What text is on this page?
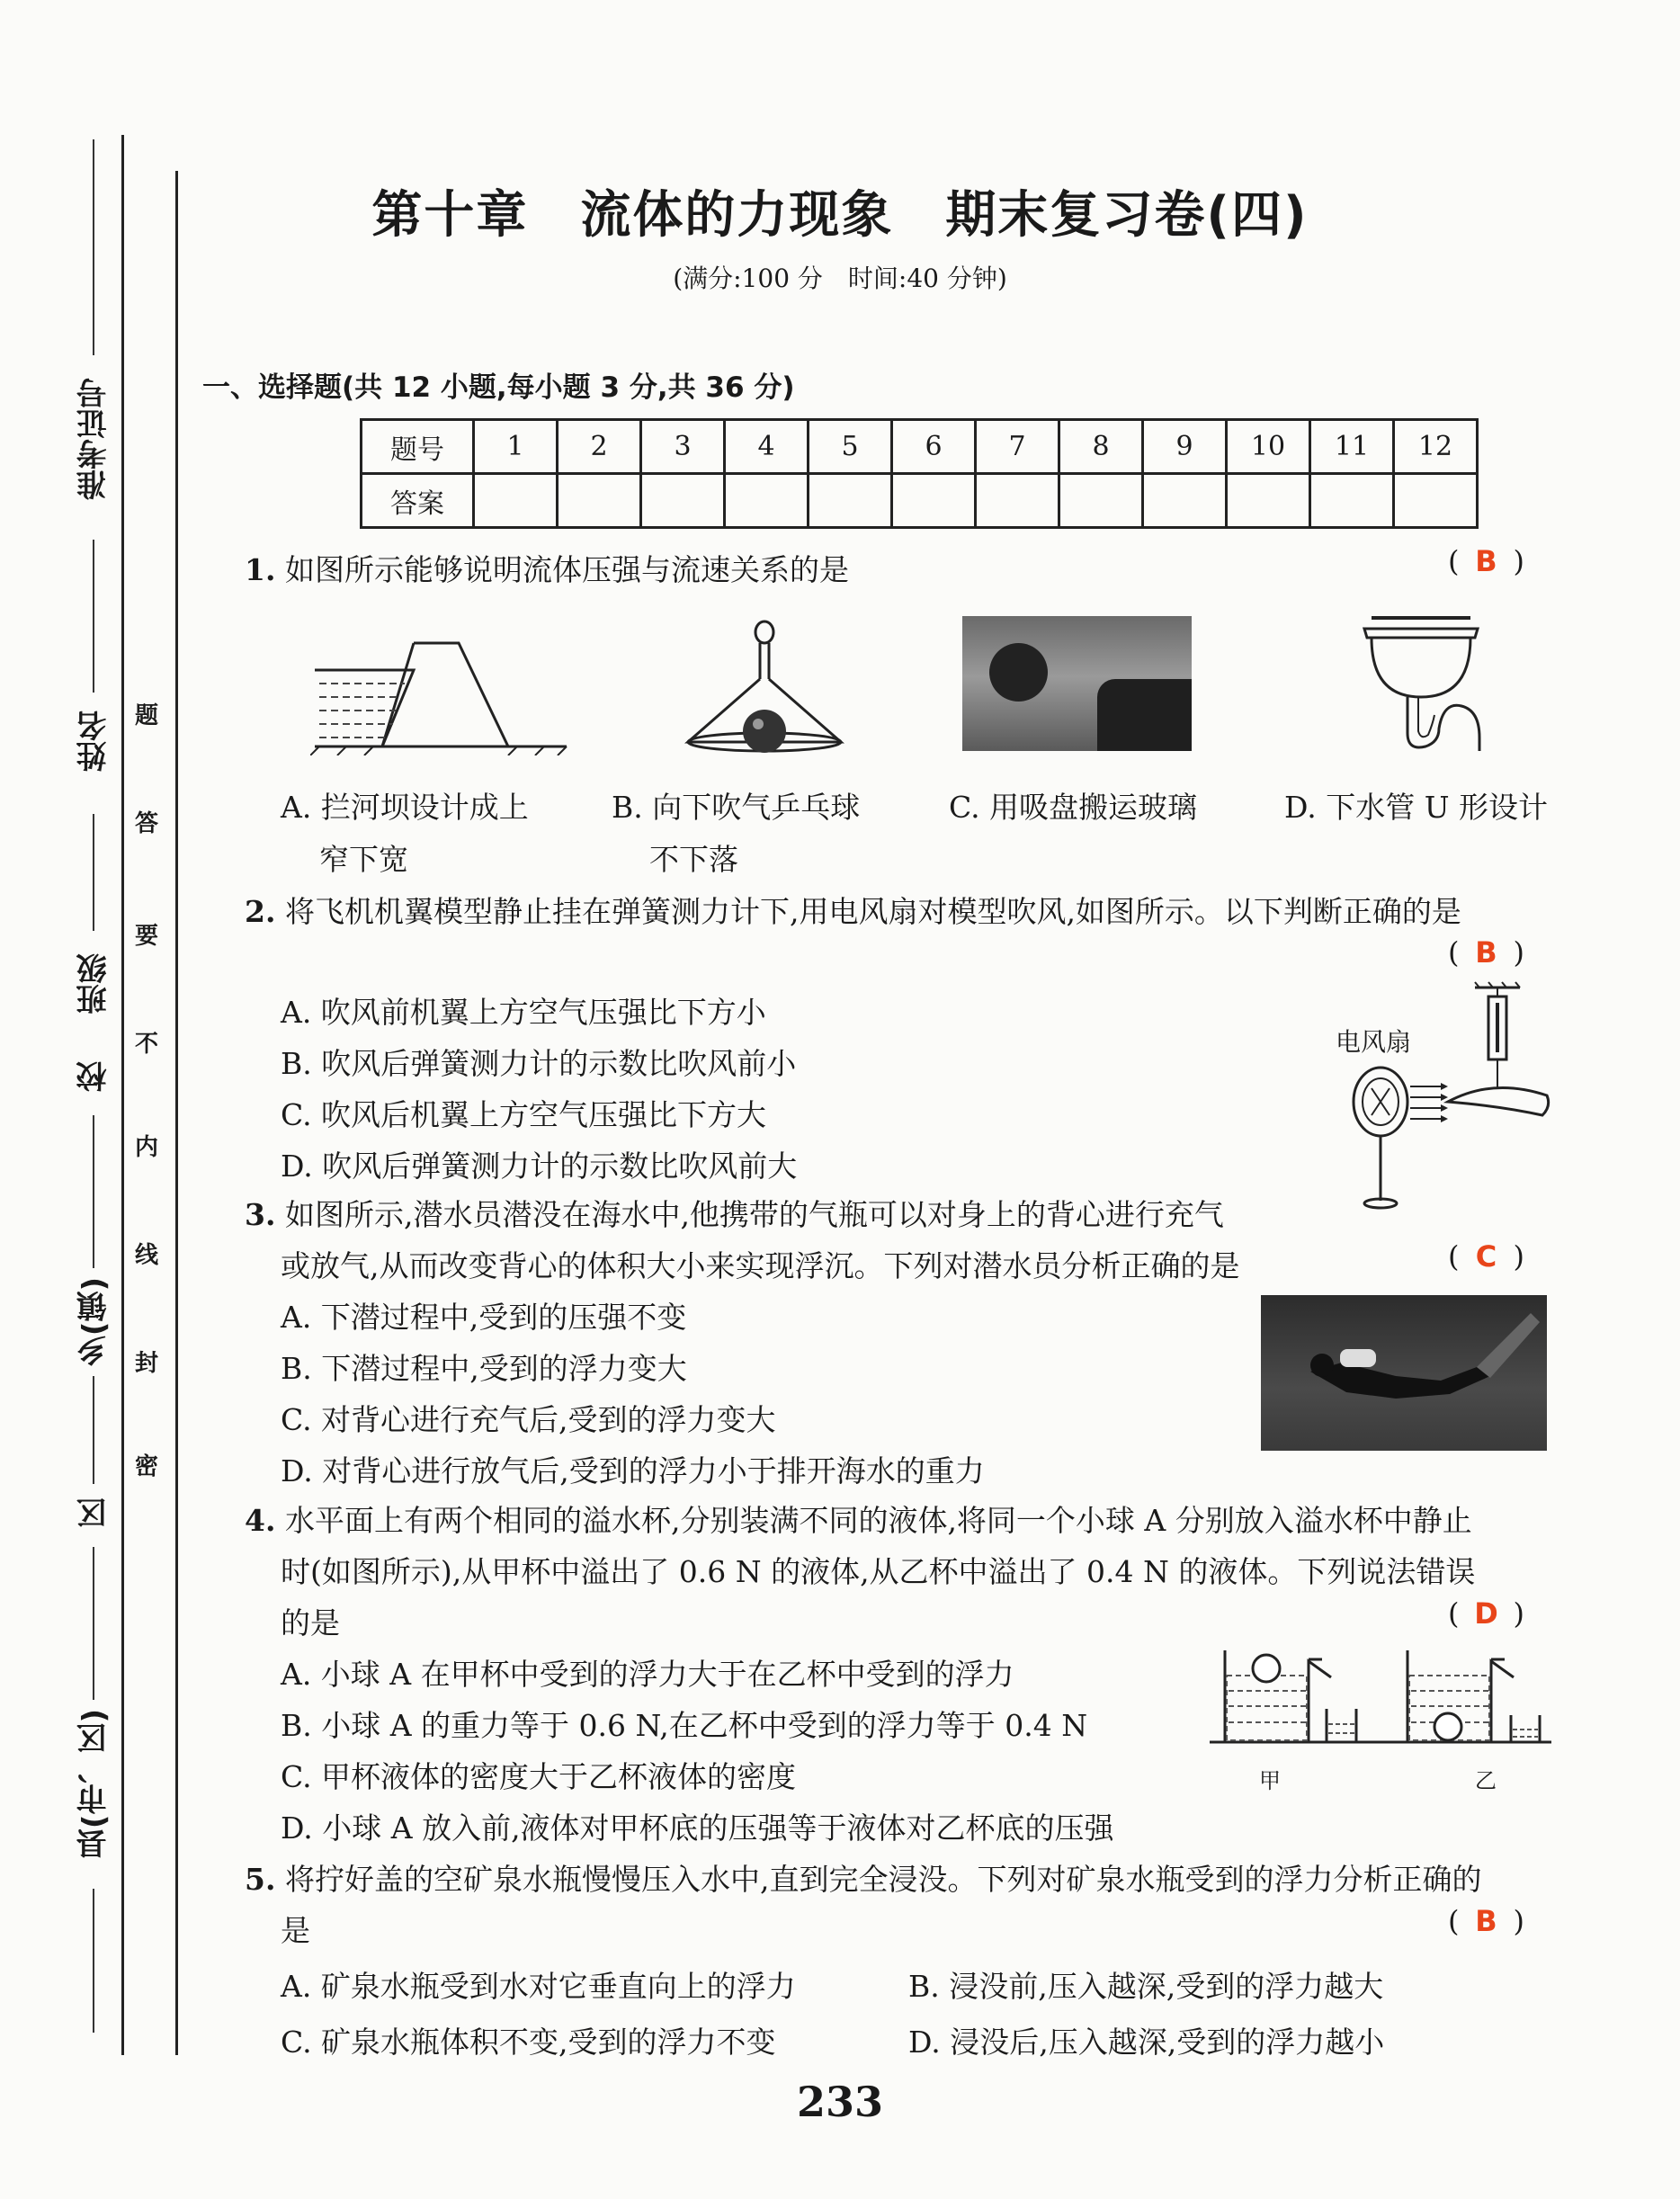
准考证号
姓名
班级
校
乡(镇)
区
县(市、区)
题
答
要
不
内
线
封
密
第十章　流体的力现象　期末复习卷(四)
(满分:100 分　时间:40 分钟)
一、选择题(共 12 小题,每小题 3 分,共 36 分)
题号	1	2	3	4	5	6	7	8	9	10	11	12
答案												
1. 如图所示能够说明流体压强与流速关系的是	( B )
A. 拦河坝设计成上
窄下宽
B. 向下吹气乒乓球
不下落
C. 用吸盘搬运玻璃	D. 下水管 U 形设计
2. 将飞机机翼模型静止挂在弹簧测力计下,用电风扇对模型吹风,如图所示。以下判断正确的是
( B )
A. 吹风前机翼上方空气压强比下方小
B. 吹风后弹簧测力计的示数比吹风前小
C. 吹风后机翼上方空气压强比下方大
D. 吹风后弹簧测力计的示数比吹风前大
电风扇
3. 如图所示,潜水员潜没在海水中,他携带的气瓶可以对身上的背心进行充气
或放气,从而改变背心的体积大小来实现浮沉。下列对潜水员分析正确的是	( C )
A. 下潜过程中,受到的压强不变
B. 下潜过程中,受到的浮力变大
C. 对背心进行充气后,受到的浮力变大
D. 对背心进行放气后,受到的浮力小于排开海水的重力
4. 水平面上有两个相同的溢水杯,分别装满不同的液体,将同一个小球 A 分别放入溢水杯中静止
时(如图所示),从甲杯中溢出了 0.6 N 的液体,从乙杯中溢出了 0.4 N 的液体。下列说法错误
的是	( D )
A. 小球 A 在甲杯中受到的浮力大于在乙杯中受到的浮力
B. 小球 A 的重力等于 0.6 N,在乙杯中受到的浮力等于 0.4 N
C. 甲杯液体的密度大于乙杯液体的密度
D. 小球 A 放入前,液体对甲杯底的压强等于液体对乙杯底的压强
甲	乙
5. 将拧好盖的空矿泉水瓶慢慢压入水中,直到完全浸没。下列对矿泉水瓶受到的浮力分析正确的
是	( B )
A. 矿泉水瓶受到水对它垂直向上的浮力	B. 浸没前,压入越深,受到的浮力越大
C. 矿泉水瓶体积不变,受到的浮力不变	D. 浸没后,压入越深,受到的浮力越小
233
